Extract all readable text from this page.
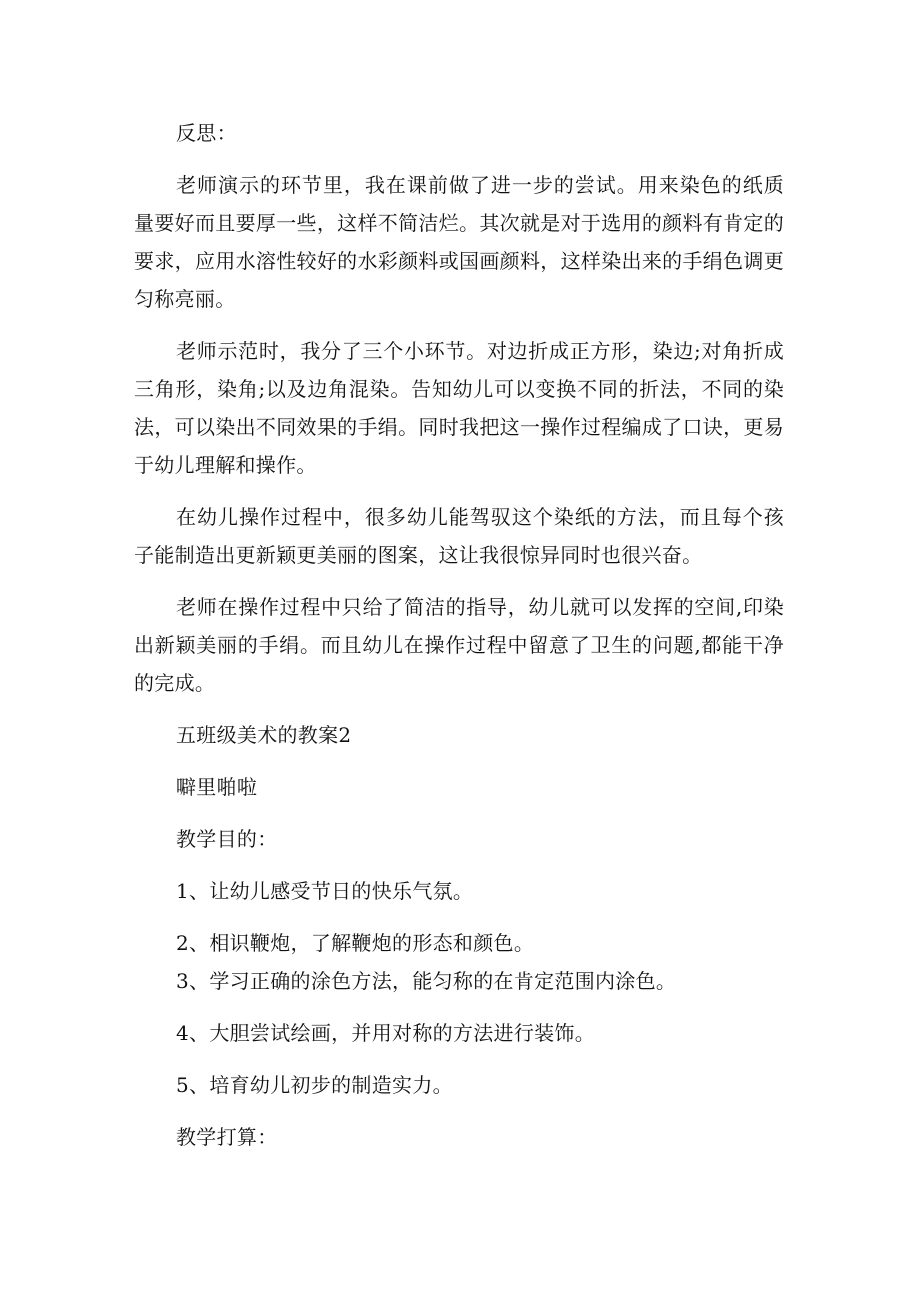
反思：

老师演示的环节里，我在课前做了进一步的尝试。用来染色的纸质量要好而且要厚一些，这样不简洁烂。其次就是对于选用的颜料有肯定的要求，应用水溶性较好的水彩颜料或国画颜料，这样染出来的手绢色调更匀称亮丽。

老师示范时，我分了三个小环节。对边折成正方形，染边;对角折成三角形，染角;以及边角混染。告知幼儿可以变换不同的折法，不同的染法，可以染出不同效果的手绢。同时我把这一操作过程编成了口诀，更易于幼儿理解和操作。

在幼儿操作过程中，很多幼儿能驾驭这个染纸的方法，而且每个孩子能制造出更新颖更美丽的图案，这让我很惊异同时也很兴奋。

老师在操作过程中只给了简洁的指导，幼儿就可以发挥的空间,印染出新颖美丽的手绢。而且幼儿在操作过程中留意了卫生的问题,都能干净的完成。

五班级美术的教案2

噼里啪啦

教学目的：

1、让幼儿感受节日的快乐气氛。

2、相识鞭炮，了解鞭炮的形态和颜色。

3、学习正确的涂色方法，能匀称的在肯定范围内涂色。

4、大胆尝试绘画，并用对称的方法进行装饰。

5、培育幼儿初步的制造实力。

教学打算：
